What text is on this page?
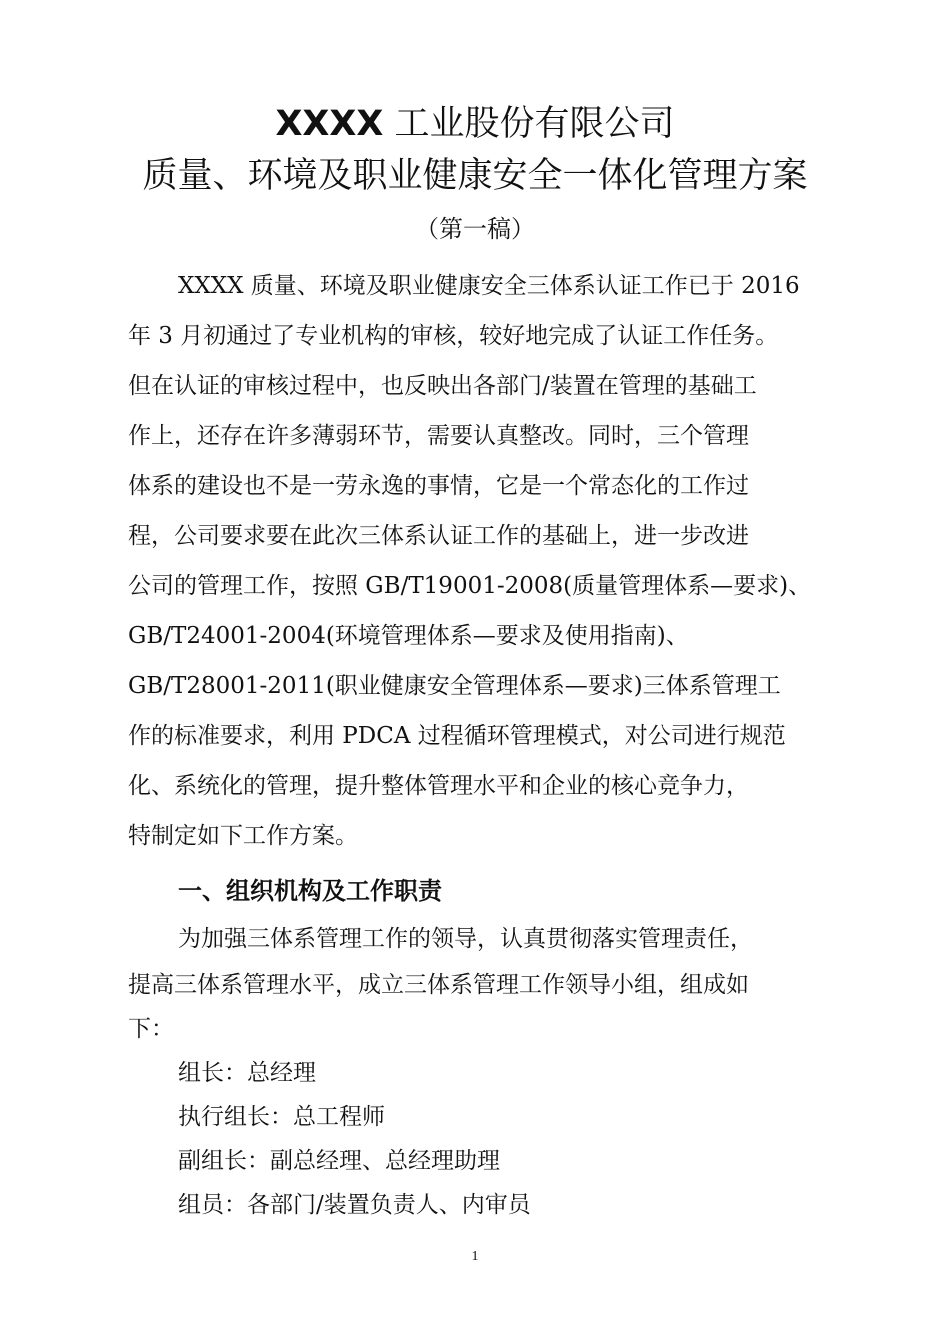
XXXX 工业股份有限公司
质量、环境及职业健康安全一体化管理方案
（第一稿）
XXXX 质量、环境及职业健康安全三体系认证工作已于 2016
年 3 月初通过了专业机构的审核，较好地完成了认证工作任务。
但在认证的审核过程中，也反映出各部门/装置在管理的基础工
作上，还存在许多薄弱环节，需要认真整改。同时，三个管理
体系的建设也不是一劳永逸的事情，它是一个常态化的工作过
程，公司要求要在此次三体系认证工作的基础上，进一步改进
公司的管理工作，按照 GB/T19001-2008(质量管理体系—要求)、
GB/T24001-2004(环境管理体系—要求及使用指南)、
GB/T28001-2011(职业健康安全管理体系—要求)三体系管理工
作的标准要求，利用 PDCA 过程循环管理模式，对公司进行规范
化、系统化的管理，提升整体管理水平和企业的核心竞争力，
特制定如下工作方案。
一、组织机构及工作职责
为加强三体系管理工作的领导，认真贯彻落实管理责任，
提高三体系管理水平，成立三体系管理工作领导小组，组成如
下：
组长：总经理
执行组长：总工程师
副组长：副总经理、总经理助理
组员：各部门/装置负责人、内审员
1
